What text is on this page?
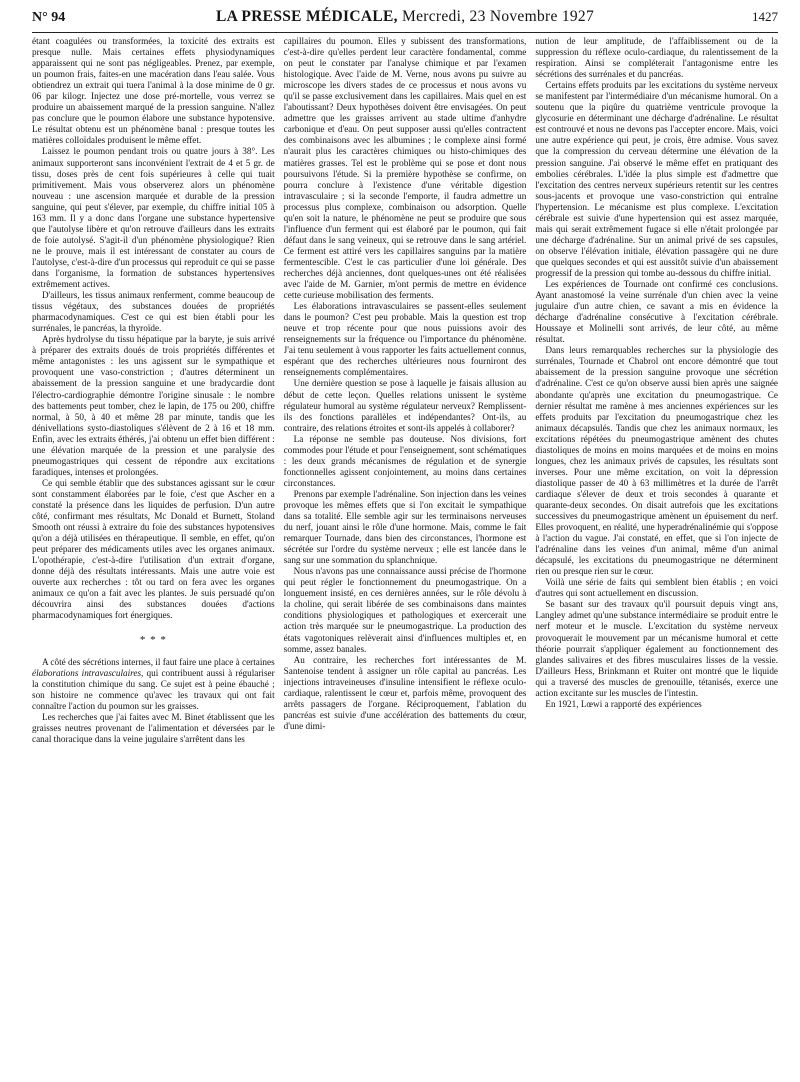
N° 94	LA PRESSE MÉDICALE, Mercredi, 23 Novembre 1927	1427

étant coagulées ou transformées, la toxicité des extraits est presque nulle. Mais certaines effets physiodynamiques apparaissent qui ne sont pas négligeables. Prenez, par exemple, un poumon frais, faites-en une macération dans l'eau salée. Vous obtiendrez un extrait qui tuera l'animal à la dose minime de 0 gr. 06 par kilogr. Injectez une dose pré-mortelle, vous verrez se produire un abaissement marqué de la pression sanguine. N'allez pas conclure que le poumon élabore une substance hypotensive. Le résultat obtenu est un phénomène banal : presque toutes les matières colloïdales produisent le même effet.

Laissez le poumon pendant trois ou quatre jours à 38°. Les animaux supporteront sans inconvénient l'extrait de 4 et 5 gr. de tissu, doses près de cent fois supérieures à celle qui tuait primitivement. Mais vous observerez alors un phénomène nouveau : une ascension marquée et durable de la pression sanguine, qui peut s'élever, par exemple, du chiffre initial 105 à 163 mm. Il y a donc dans l'organe une substance hypertensive que l'autolyse libère et qu'on retrouve d'ailleurs dans les extraits de foie autolysé. S'agit-il d'un phénomène physiologique? Rien ne le prouve, mais il est intéressant de constater au cours de l'autolyse, c'est-à-dire d'un processus qui reproduit ce qui se passe dans l'organisme, la formation de substances hypertensives extrêmement actives.

D'ailleurs, les tissus animaux renferment, comme beaucoup de tissus végétaux, des substances douées de propriétés pharmacodynamiques. C'est ce qui est bien établi pour les surrénales, le pancréas, la thyroïde.

Après hydrolyse du tissu hépatique par la baryte, je suis arrivé à préparer des extraits doués de trois propriétés différentes et même antagonistes : les uns agissent sur le sympathique et provoquent une vaso-constriction ; d'autres déterminent un abaissement de la pression sanguine et une bradycardie dont l'électro-cardiographie démontre l'origine sinusale : le nombre des battements peut tomber, chez le lapin, de 175 ou 200, chiffre normal, à 50, à 40 et même 28 par minute, tandis que les dénivellations systo-diastoliques s'élèvent de 2 à 16 et 18 mm. Enfin, avec les extraits éthérés, j'ai obtenu un effet bien différent : une élévation marquée de la pression et une paralysie des pneumogastriques qui cessent de répondre aux excitations faradiques, intenses et prolongées.

Ce qui semble établir que des substances agissant sur le cœur sont constamment élaborées par le foie, c'est que Ascher en a constaté la présence dans les liquides de perfusion. D'un autre côté, confirmant mes résultats, Mc Donald et Burnett, Stoland Smooth ont réussi à extraire du foie des substances hypotensives qu'on a déjà utilisées en thérapeutique. Il semble, en effet, qu'on peut préparer des médicaments utiles avec les organes animaux. L'opothérapie, c'est-à-dire l'utilisation d'un extrait d'organe, donne déjà des résultats intéressants. Mais une autre voie est ouverte aux recherches : tôt ou tard on fera avec les organes animaux ce qu'on a fait avec les plantes. Je suis persuadé qu'on découvrira ainsi des substances douées d'actions pharmacodynamiques fort énergiques.

* * *

A côté des sécrétions internes, il faut faire une place à certaines élaborations intravasculaires, qui contribuent aussi à régulariser la constitution chimique du sang. Ce sujet est à peine ébauché ; son histoire ne commence qu'avec les travaux qui ont fait connaître l'action du poumon sur les graisses.

Les recherches que j'ai faites avec M. Binet établissent que les graisses neutres provenant de l'alimentation et déversées par le canal thoracique dans la veine jugulaire s'arrêtent dans les

capillaires du poumon. Elles y subissent des transformations, c'est-à-dire qu'elles perdent leur caractère fondamental, comme on peut le constater par l'analyse chimique et par l'examen histologique. Avec l'aide de M. Verne, nous avons pu suivre au microscope les divers stades de ce processus et nous avons vu qu'il se passe exclusivement dans les capillaires. Mais quel en est l'aboutissant? Deux hypothèses doivent être envisagées. On peut admettre que les graisses arrivent au stade ultime d'anhydre carbonique et d'eau. On peut supposer aussi qu'elles contractent des combinaisons avec les albumines ; le complexe ainsi formé n'aurait plus les caractères chimiques ou histo-chimiques des matières grasses. Tel est le problème qui se pose et dont nous poursuivons l'étude. Si la première hypothèse se confirme, on pourra conclure à l'existence d'une véritable digestion intravasculaire ; si la seconde l'emporte, il faudra admettre un processus plus complexe, combinaison ou adsorption. Quelle qu'en soit la nature, le phénomène ne peut se produire que sous l'influence d'un ferment qui est élaboré par le poumon, qui fait défaut dans le sang veineux, qui se retrouve dans le sang artériel. Ce ferment est attiré vers les capillaires sanguins par la matière fermentescible. C'est le cas particulier d'une loi générale. Des recherches déjà anciennes, dont quelques-unes ont été réalisées avec l'aide de M. Garnier, m'ont permis de mettre en évidence cette curieuse mobilisation des ferments.

Les élaborations intravasculaires se passent-elles seulement dans le poumon? C'est peu probable. Mais la question est trop neuve et trop récente pour que nous puissions avoir des renseignements sur la fréquence ou l'importance du phénomène. J'ai tenu seulement à vous rapporter les faits actuellement connus, espérant que des recherches ultérieures nous fourniront des renseignements complémentaires.

Une dernière question se pose à laquelle je faisais allusion au début de cette leçon. Quelles relations unissent le système régulateur humoral au système régulateur nerveux? Remplissent-ils des fonctions parallèles et indépendantes? Ont-ils, au contraire, des relations étroites et sont-ils appelés à collaborer?

La réponse ne semble pas douteuse. Nos divisions, fort commodes pour l'étude et pour l'enseignement, sont schématiques : les deux grands mécanismes de régulation et de synergie fonctionnelles agissent conjointement, au moins dans certaines circonstances.

Prenons par exemple l'adrénaline. Son injection dans les veines provoque les mêmes effets que si l'on excitait le sympathique dans sa totalité. Elle semble agir sur les terminaisons nerveuses du nerf, jouant ainsi le rôle d'une hormone. Mais, comme le fait remarquer Tournade, dans bien des circonstances, l'hormone est sécrétée sur l'ordre du système nerveux ; elle est lancée dans le sang sur une sommation du splanchnique.

Nous n'avons pas une connaissance aussi précise de l'hormone qui peut régler le fonctionnement du pneumogastrique. On a longuement insisté, en ces dernières années, sur le rôle dévolu à la choline, qui serait libérée de ses combinaisons dans maintes conditions physiologiques et pathologiques et exercerait une action très marquée sur le pneumogastrique. La production des états vagotoniques relèverait ainsi d'influences multiples et, en somme, assez banales.

Au contraire, les recherches fort intéressantes de M. Santenoise tendent à assigner un rôle capital au pancréas. Les injections intraveineuses d'insuline intensifient le réflexe oculo-cardiaque, ralentissent le cœur et, parfois même, provoquent des arrêts passagers de l'organe. Réciproquement, l'ablation du pancréas est suivie d'une accélération des battements du cœur, d'une dimi-

nution de leur amplitude, de l'affaiblissement ou de la suppression du réflexe oculo-cardiaque, du ralentissement de la respiration. Ainsi se compléterait l'antagonisme entre les sécrétions des surrénales et du pancréas.

Certains effets produits par les excitations du système nerveux se manifestent par l'intermédiaire d'un mécanisme humoral. On a soutenu que la piqûre du quatrième ventricule provoque la glycosurie en déterminant une décharge d'adrénaline. Le résultat est controuvé et nous ne devons pas l'accepter encore. Mais, voici une autre expérience qui peut, je crois, être admise. Vous savez que la compression du cerveau détermine une élévation de la pression sanguine. J'ai observé le même effet en pratiquant des embolies cérébrales. L'idée la plus simple est d'admettre que l'excitation des centres nerveux supérieurs retentit sur les centres sous-jacents et provoque une vaso-constriction qui entraîne l'hypertension. Le mécanisme est plus complexe. L'excitation cérébrale est suivie d'une hypertension qui est assez marquée, mais qui serait extrêmement fugace si elle n'était prolongée par une décharge d'adrénaline. Sur un animal privé de ses capsules, on observe l'élévation initiale, élévation passagère qui ne dure que quelques secondes et qui est aussitôt suivie d'un abaissement progressif de la pression qui tombe au-dessous du chiffre initial.

Les expériences de Tournade ont confirmé ces conclusions. Ayant anastomosé la veine surrénale d'un chien avec la veine jugulaire d'un autre chien, ce savant a mis en évidence la décharge d'adrénaline consécutive à l'excitation cérébrale. Houssaye et Molinelli sont arrivés, de leur côté, au même résultat.

Dans leurs remarquables recherches sur la physiologie des surrénales, Tournade et Chabrol ont encore démontré que tout abaissement de la pression sanguine provoque une sécrétion d'adrénaline. C'est ce qu'on observe aussi bien après une saignée abondante qu'après une excitation du pneumogastrique. Ce dernier résultat me ramène à mes anciennes expériences sur les effets produits par l'excitation du pneumogastrique chez les animaux décapsulés. Tandis que chez les animaux normaux, les excitations répétées du pneumogastrique amènent des chutes diastoliques de moins en moins marquées et de moins en moins longues, chez les animaux privés de capsules, les résultats sont inverses. Pour une même excitation, on voit la dépression diastolique passer de 40 à 63 millimètres et la durée de l'arrêt cardiaque s'élever de deux et trois secondes à quarante et quarante-deux secondes. On disait autrefois que les excitations successives du pneumogastrique amènent un épuisement du nerf. Elles provoquent, en réalité, une hyperadrénalinémie qui s'oppose à l'action du vague. J'ai constaté, en effet, que si l'on injecte de l'adrénaline dans les veines d'un animal, même d'un animal décapsulé, les excitations du pneumogastrique ne déterminent rien ou presque rien sur le cœur.

Voilà une série de faits qui semblent bien établis ; en voici d'autres qui sont actuellement en discussion.

Se basant sur des travaux qu'il poursuit depuis vingt ans, Langley admet qu'une substance intermédiaire se produit entre le nerf moteur et le muscle. L'excitation du système nerveux provoquerait le mouvement par un mécanisme humoral et cette théorie pourrait s'appliquer également au fonctionnement des glandes salivaires et des fibres musculaires lisses de la vessie. D'ailleurs Hess, Brinkmann et Ruiter ont montré que le liquide qui a traversé des muscles de grenouille, tétanisés, exerce une action excitante sur les muscles de l'intestin.

En 1921, Lœwi a rapporté des expériences
